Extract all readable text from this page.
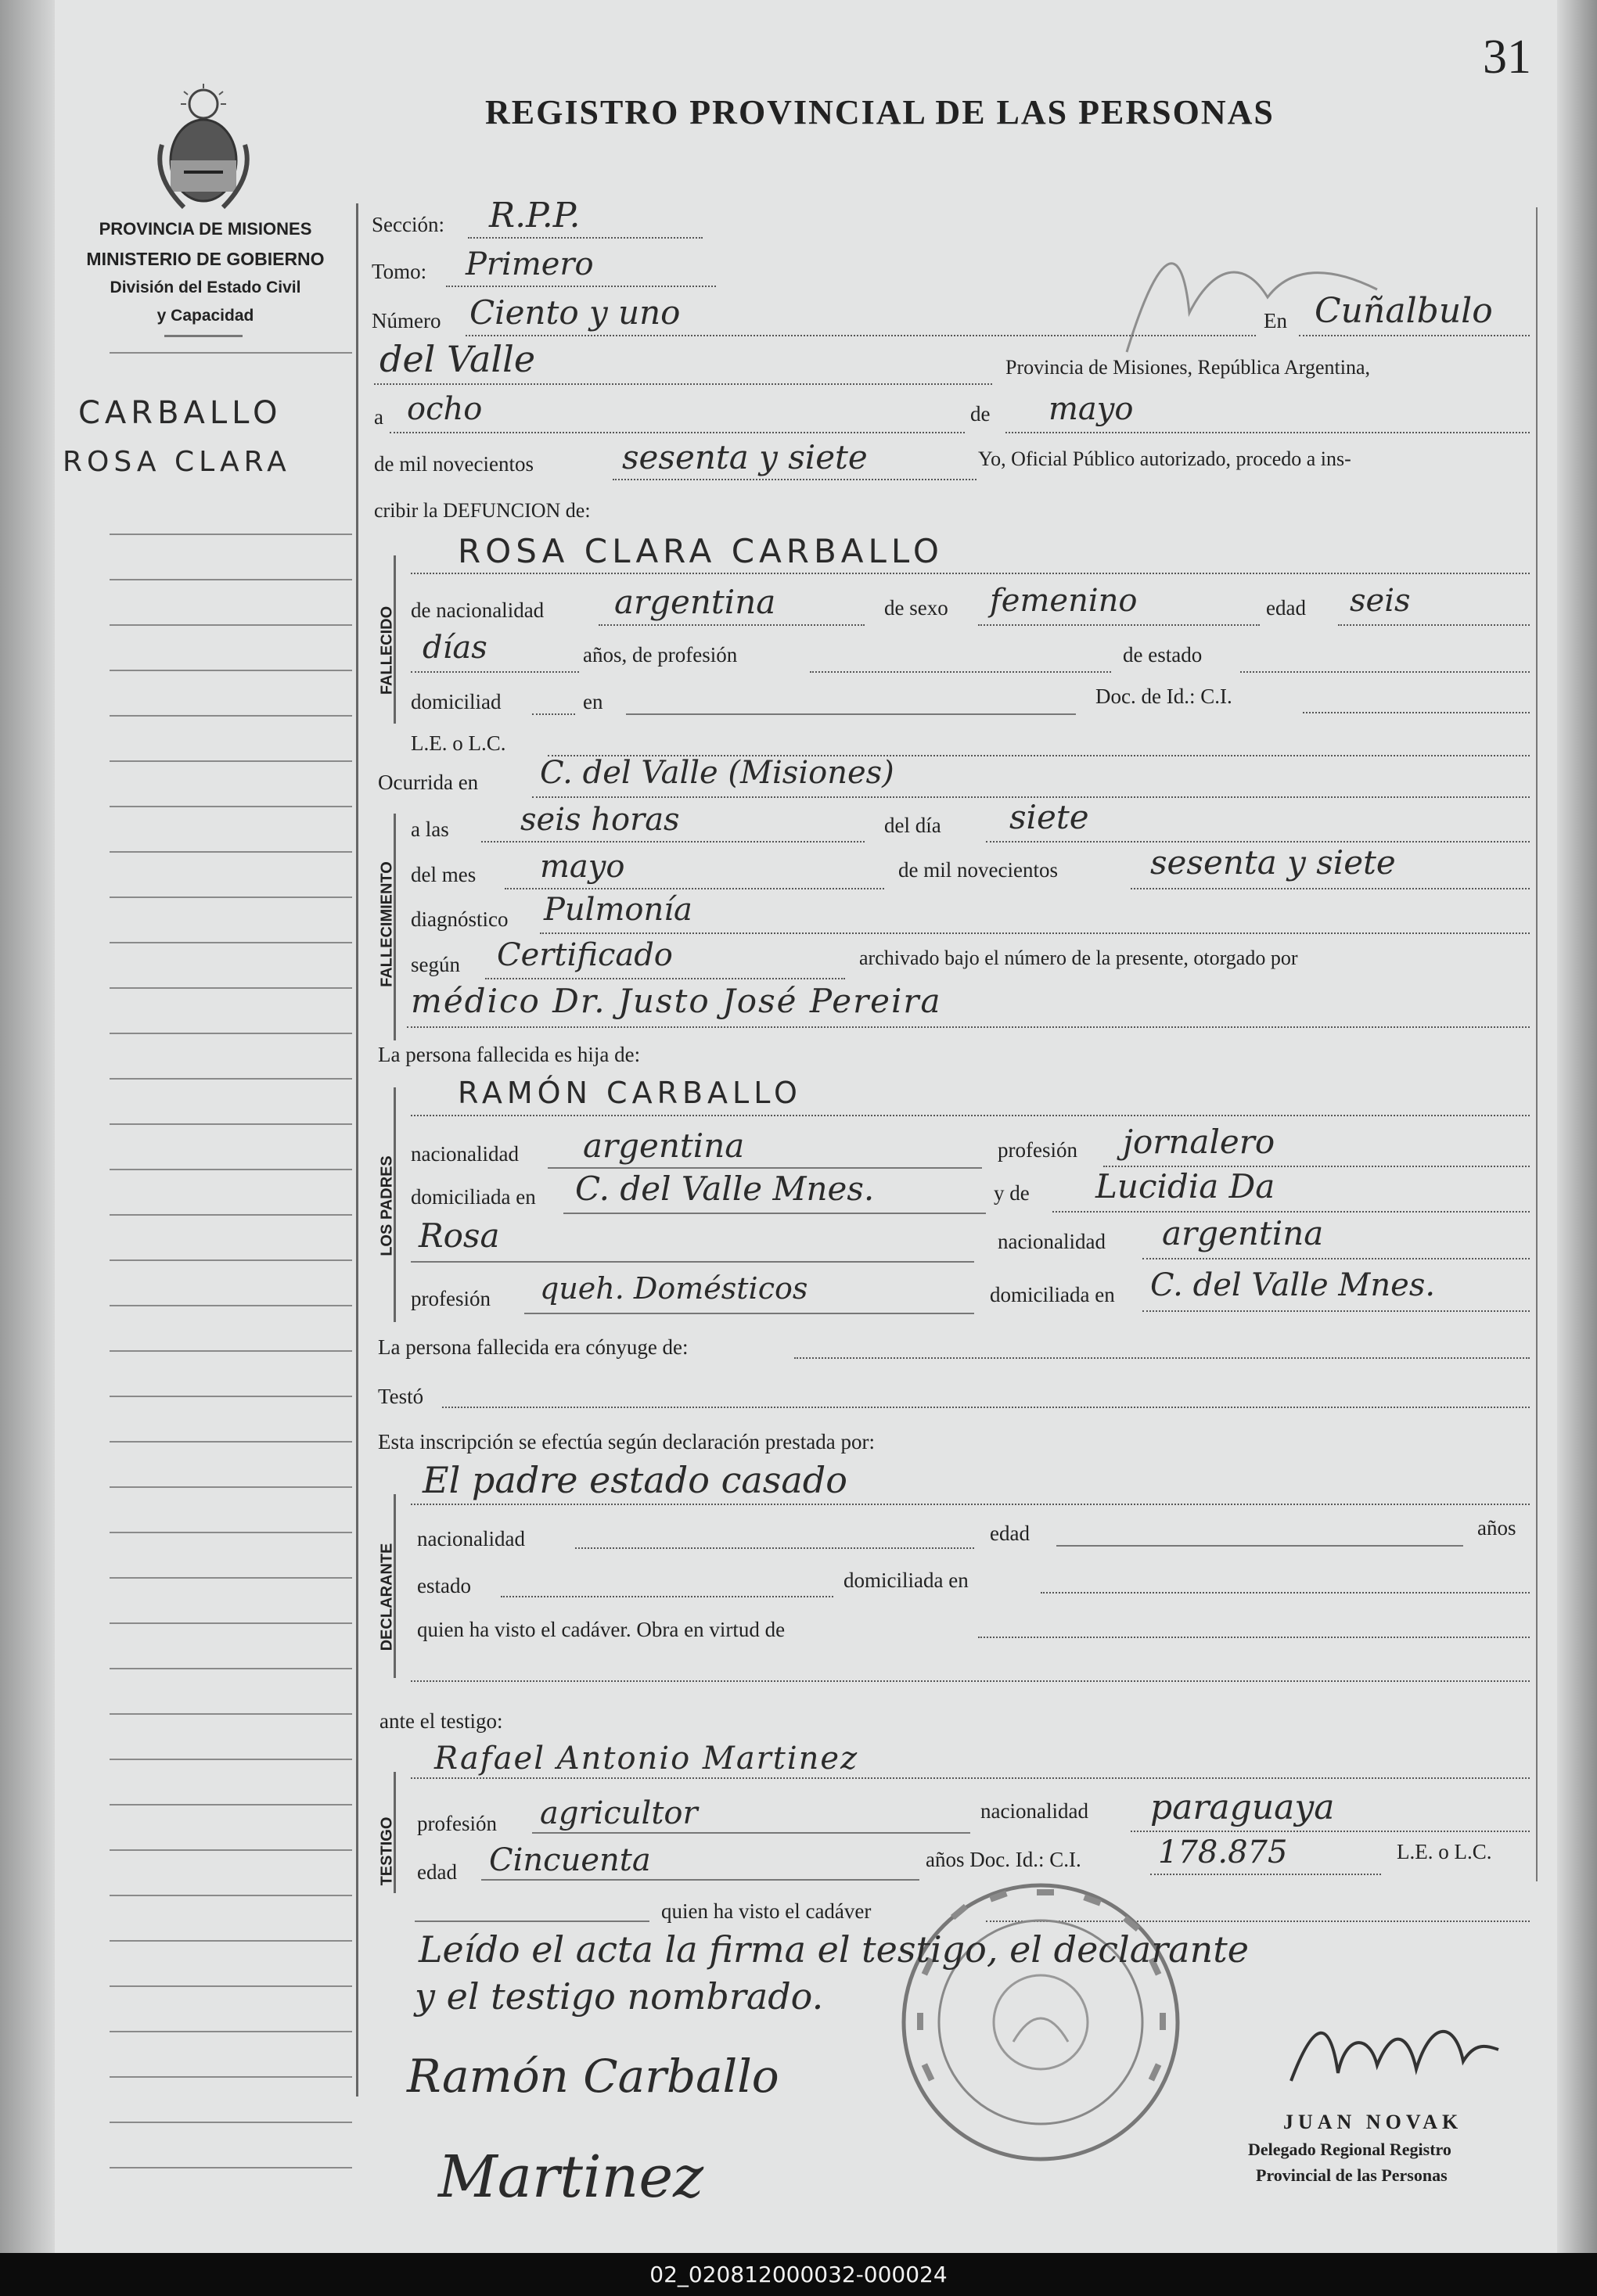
31
REGISTRO PROVINCIAL DE LAS PERSONAS
PROVINCIA DE MISIONES
MINISTERIO DE GOBIERNO
División del Estado Civil
y Capacidad
CARBALLO
ROSA CLARA
Sección: R.P.P.
Tomo: Primero
Número Ciento y uno	En Cuñalbulo
del Valle	Provincia de Misiones, República Argentina,
a ocho	de mayo
de mil novecientos	sesenta y siete	Yo, Oficial Público autorizado, procedo a ins-
cribir la DEFUNCION de:
FALLECIDO
ROSA CLARA CARBALLO
de nacionalidad argentina	de sexo femenino	edad seis
días	años, de profesión	de estado
domiciliad	en	Doc. de Id.: C.I.
L.E. o L.C.
Ocurrida en C. del Valle (Misiones)
FALLECIMIENTO
a las seis horas	del día siete
del mes mayo	de mil novecientos	sesenta y siete
diagnóstico Pulmonía
según Certificado	archivado bajo el número de la presente, otorgado por
médico Dr. Justo José Pereira
La persona fallecida es hija de:
LOS PADRES
RAMÓN CARBALLO
nacionalidad argentina	profesión jornalero
domiciliada en C. del Valle Mnes.	y de Lucidia Da
Rosa	nacionalidad argentina
profesión queh. Domésticos	domiciliada en C. del Valle Mnes.
La persona fallecida era cónyuge de:
Testó
Esta inscripción se efectúa según declaración prestada por:
DECLARANTE
El padre estado casado
nacionalidad	edad	años
estado	domiciliada en
quien ha visto el cadáver. Obra en virtud de
ante el testigo:
TESTIGO
Rafael Antonio Martinez
profesión agricultor	nacionalidad paraguaya
edad Cincuenta	años Doc. Id.: C.I. 178.875	L.E. o L.C.
quien ha visto el cadáver
Leído el acta la firma el testigo, el declarante
y el testigo nombrado.
Ramón Carballo
Martinez
JUAN NOVAK
Delegado Regional Registro
Provincial de las Personas
02_020812000032-000024
